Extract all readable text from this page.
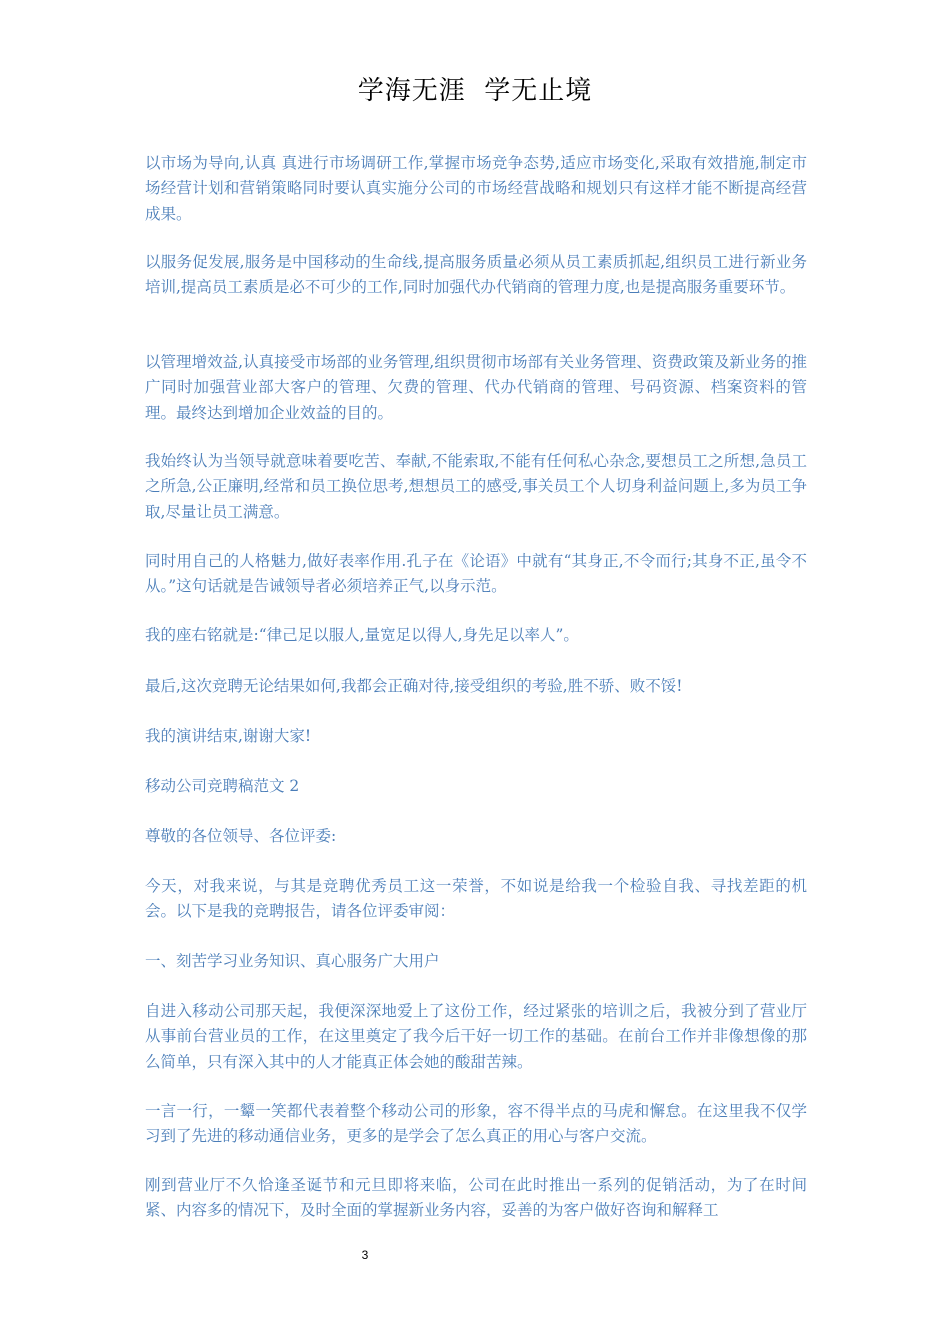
学海无涯  学无止境

以市场为导向,认真 真进行市场调研工作,掌握市场竞争态势,适应市场变化,采取有效措施,制定市场经营计划和营销策略同时要认真实施分公司的市场经营战略和规划只有这样才能不断提高经营成果。

以服务促发展,服务是中国移动的生命线,提高服务质量必须从员工素质抓起,组织员工进行新业务培训,提高员工素质是必不可少的工作,同时加强代办代销商的管理力度,也是提高服务重要环节。

以管理增效益,认真接受市场部的业务管理,组织贯彻市场部有关业务管理、资费政策及新业务的推广同时加强营业部大客户的管理、欠费的管理、代办代销商的管理、号码资源、档案资料的管理。最终达到增加企业效益的目的。

我始终认为当领导就意味着要吃苦、奉献,不能索取,不能有任何私心杂念,要想员工之所想,急员工之所急,公正廉明,经常和员工换位思考,想想员工的感受,事关员工个人切身利益问题上,多为员工争取,尽量让员工满意。

同时用自己的人格魅力,做好表率作用.孔子在《论语》中就有“其身正,不令而行;其身不正,虽令不从。”这句话就是告诫领导者必须培养正气,以身示范。

我的座右铭就是:“律己足以服人,量宽足以得人,身先足以率人”。

最后,这次竞聘无论结果如何,我都会正确对待,接受组织的考验,胜不骄、败不馁!

我的演讲结束,谢谢大家!

移动公司竞聘稿范文 2

尊敬的各位领导、各位评委:

今天，对我来说，与其是竞聘优秀员工这一荣誉，不如说是给我一个检验自我、寻找差距的机会。以下是我的竞聘报告，请各位评委审阅：

一、刻苦学习业务知识、真心服务广大用户

自进入移动公司那天起，我便深深地爱上了这份工作，经过紧张的培训之后，我被分到了营业厅从事前台营业员的工作，在这里奠定了我今后干好一切工作的基础。在前台工作并非像想像的那么简单，只有深入其中的人才能真正体会她的酸甜苦辣。

一言一行，一颦一笑都代表着整个移动公司的形象，容不得半点的马虎和懈怠。在这里我不仅学习到了先进的移动通信业务，更多的是学会了怎么真正的用心与客户交流。

刚到营业厅不久恰逢圣诞节和元旦即将来临，公司在此时推出一系列的促销活动，为了在时间紧、内容多的情况下，及时全面的掌握新业务内容，妥善的为客户做好咨询和解释工

3
